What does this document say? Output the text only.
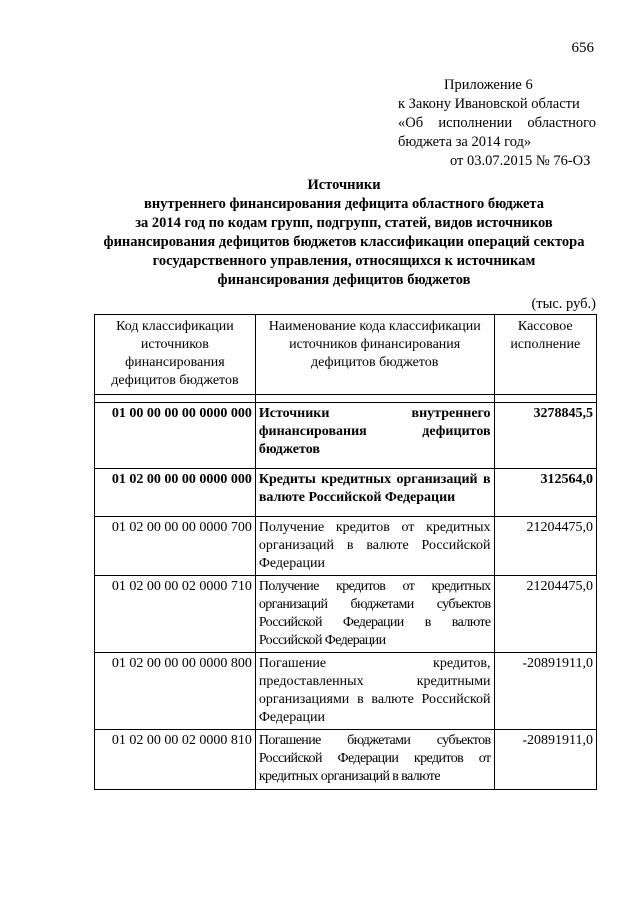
656
Приложение 6
к Закону Ивановской области
«Об исполнении областного
бюджета за 2014 год»
от 03.07.2015 № 76-ОЗ
Источники
внутреннего финансирования дефицита областного бюджета
за 2014 год по кодам групп, подгрупп, статей, видов источников
финансирования дефицитов бюджетов классификации операций сектора
государственного управления, относящихся к источникам
финансирования дефицитов бюджетов
(тыс. руб.)
Код классификации источников финансирования дефицитов бюджетов	Наименование кода классификации источников финансирования дефицитов бюджетов	Кассовое исполнение

01 00 00 00 00 0000 000	Источники внутреннего финансирования дефицитов бюджетов	3278845,5
01 02 00 00 00 0000 000	Кредиты кредитных организаций в валюте Российской Федерации	312564,0
01 02 00 00 00 0000 700	Получение кредитов от кредитных организаций в валюте Российской Федерации	21204475,0
01 02 00 00 02 0000 710	Получение кредитов от кредитных организаций бюджетами субъектов Российской Федерации в валюте Российской Федерации	21204475,0
01 02 00 00 00 0000 800	Погашение кредитов, предоставленных кредитными организациями в валюте Российской Федерации	-20891911,0
01 02 00 00 02 0000 810	Погашение бюджетами субъектов Российской Федерации кредитов от кредитных организаций в валюте	-20891911,0
